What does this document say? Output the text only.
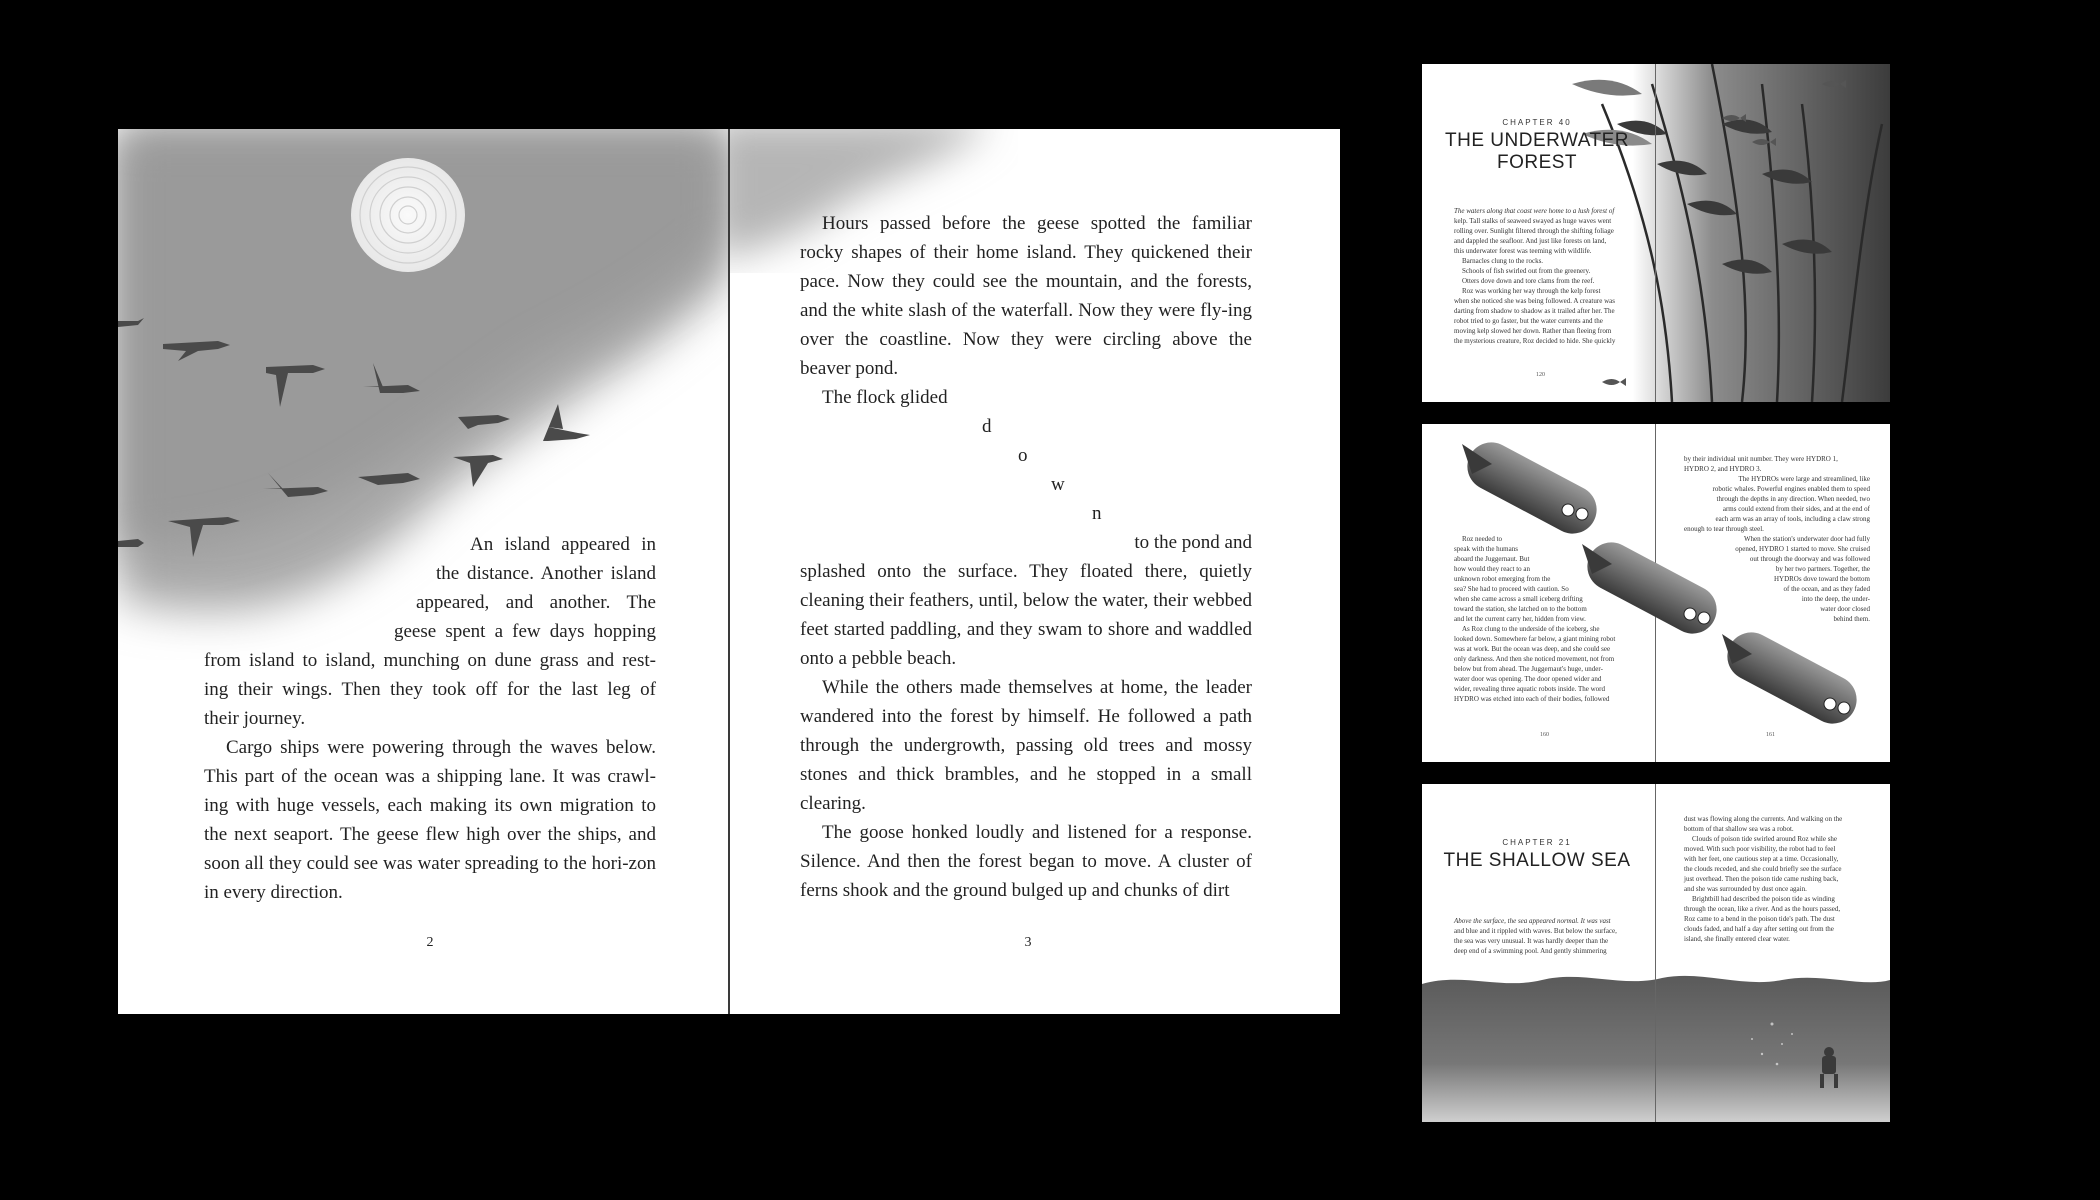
An island appeared in
the distance. Another island
appeared, and another. The
geese spent a few days hopping
from island to island, munching on dune grass and rest-
ing their wings. Then they took off for the last leg of
their journey.

Cargo ships were powering through the waves below. This part of the ocean was a shipping lane. It was crawl-ing with huge vessels, each making its own migration to the next seaport. The geese flew high over the ships, and soon all they could see was water spreading to the hori-zon in every direction.

2

Hours passed before the geese spotted the familiar rocky shapes of their home island. They quickened their pace. Now they could see the mountain, and the forests, and the white slash of the waterfall. Now they were fly-ing over the coastline. Now they were circling above the beaver pond.

The flock glided
d
o
w
n
to the pond and

splashed onto the surface. They floated there, quietly cleaning their feathers, until, below the water, their webbed feet started paddling, and they swam to shore and waddled onto a pebble beach.

While the others made themselves at home, the leader wandered into the forest by himself. He followed a path through the undergrowth, passing old trees and mossy stones and thick brambles, and he stopped in a small clearing.

The goose honked loudly and listened for a response. Silence. And then the forest began to move. A cluster of ferns shook and the ground bulged up and chunks of dirt

3
CHAPTER 40
THE UNDERWATER
FOREST
The waters along that coast were home to a lush forest of
kelp. Tall stalks of seaweed swayed as huge waves went
rolling over. Sunlight filtered through the shifting foliage
and dappled the seafloor. And just like forests on land,
this underwater forest was teeming with wildlife.
Barnacles clung to the rocks.
Schools of fish swirled out from the greenery.
Otters dove down and tore clams from the reef.
Roz was working her way through the kelp forest
when she noticed she was being followed. A creature was
darting from shadow to shadow as it trailed after her. The
robot tried to go faster, but the water currents and the
moving kelp slowed her down. Rather than fleeing from
the mysterious creature, Roz decided to hide. She quickly
120
Roz needed to
speak with the humans
aboard the Juggernaut. But
how would they react to an
unknown robot emerging from the
sea? She had to proceed with caution. So
when she came across a small iceberg drifting
toward the station, she latched on to the bottom
and let the current carry her, hidden from view.
As Roz clung to the underside of the iceberg, she
looked down. Somewhere far below, a giant mining robot
was at work. But the ocean was deep, and she could see
only darkness. And then she noticed movement, not from
below but from ahead. The Juggernaut's huge, under-
water door was opening. The door opened wider and
wider, revealing three aquatic robots inside. The word
HYDRO was etched into each of their bodies, followed
by their individual unit number. They were HYDRO 1,
HYDRO 2, and HYDRO 3.
The HYDROs were large and streamlined, like
robotic whales. Powerful engines enabled them to speed
through the depths in any direction. When needed, two
arms could extend from their sides, and at the end of
each arm was an array of tools, including a claw strong
enough to tear through steel.
When the station's underwater door had fully
opened, HYDRO 1 started to move. She cruised
out through the doorway and was followed
by her two partners. Together, the
HYDROs dove toward the bottom
of the ocean, and as they faded
into the deep, the under-
water door closed
behind them.
160	161
CHAPTER 21
THE SHALLOW SEA
Above the surface, the sea appeared normal. It was vast
and blue and it rippled with waves. But below the surface,
the sea was very unusual. It was hardly deeper than the
deep end of a swimming pool. And gently shimmering
dust was flowing along the currents. And walking on the
bottom of that shallow sea was a robot.
Clouds of poison tide swirled around Roz while she
moved. With such poor visibility, the robot had to feel
with her feet, one cautious step at a time. Occasionally,
the clouds receded, and she could briefly see the surface
just overhead. Then the poison tide came rushing back,
and she was surrounded by dust once again.
Brightbill had described the poison tide as winding
through the ocean, like a river. And as the hours passed,
Roz came to a bend in the poison tide's path. The dust
clouds faded, and half a day after setting out from the
island, she finally entered clear water.
